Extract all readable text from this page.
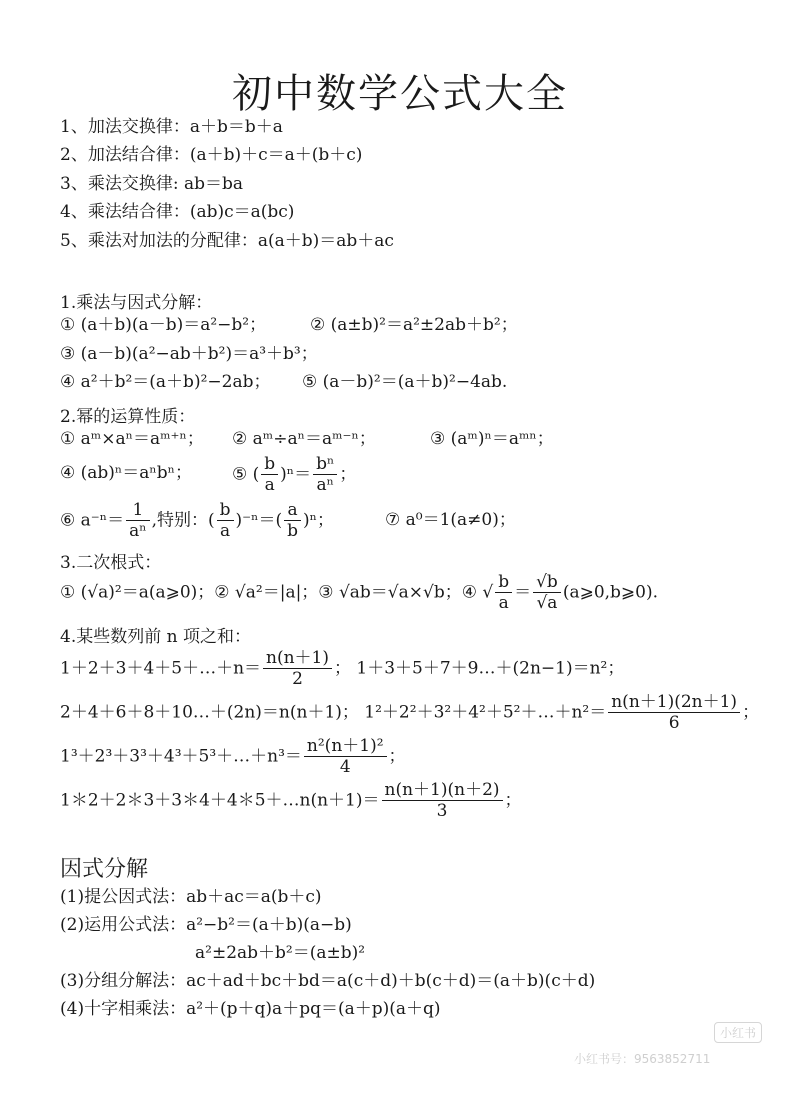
初中数学公式大全
1、加法交换律：a＋b＝b＋a
2、加法结合律：(a＋b)＋c＝a＋(b＋c)
3、乘法交换律: ab＝ba
4、乘法结合律：(ab)c＝a(bc)
5、乘法对加法的分配律：a(a＋b)＝ab＋ac
1.乘法与因式分解：
① (a＋b)(a－b)＝a²−b²；	② (a±b)²＝a²±2ab＋b²；
③ (a－b)(a²−ab＋b²)＝a³＋b³；
④ a²＋b²＝(a＋b)²−2ab； ⑤ (a－b)²＝(a＋b)²−4ab.
2.幂的运算性质：
① aᵐ×aⁿ＝aᵐ⁺ⁿ； ② aᵐ÷aⁿ＝aᵐ⁻ⁿ；	③ (aᵐ)ⁿ＝aᵐⁿ；
④ (ab)ⁿ＝aⁿbⁿ； ⑤ ( $\frac{b}{a} )^n= \frac{\text{bⁿ}}{\text{aⁿ}}$ ；
⑥ $a^{-n}= \frac{1}{\text{aⁿ}}$ ,特别：( $\frac{b}{a} )^{-n}=( \frac{a}{b} )^n$；	⑦ a⁰＝1(a≠0)；
3.二次根式：
① (√a)²＝a(a⩾0)；② √a²＝|a|；③ √ab＝√a×√b；④ √ $\frac{b}{a} = \frac{√b}{√a}$ (a⩾0,b⩾0).
4.某些数列前 n 项之和：
1＋2＋3＋4＋5＋…＋n＝ $\frac{n(n+1)}{2}$ ； 1＋3＋5＋7＋9…＋(2n−1)＝n²；
2＋4＋6＋8＋10…＋(2n)＝n(n＋1)； 1²＋2²＋3²＋4²＋5²＋…＋n²＝ $\frac{n(n+1)(2n+1)}{6}$ ；
1³＋2³＋3³＋4³＋5³＋…＋n³＝ $\frac{\text{n²(n＋1)²}}{4}$ ；
1＊2＋2＊3＋3＊4＋4＊5＋…n(n＋1)＝ $\frac{n(n+1)(n+2)}{3}$ ；
因式分解
(1)提公因式法：ab＋ac＝a(b＋c)
(2)运用公式法：a²−b²＝(a＋b)(a−b)
a²±2ab＋b²＝(a±b)²
(3)分组分解法：ac＋ad＋bc＋bd＝a(c＋d)＋b(c＋d)＝(a＋b)(c＋d)
(4)十字相乘法：a²＋(p＋q)a＋pq＝(a＋p)(a＋q)
小红书
小红书号：9563852711
